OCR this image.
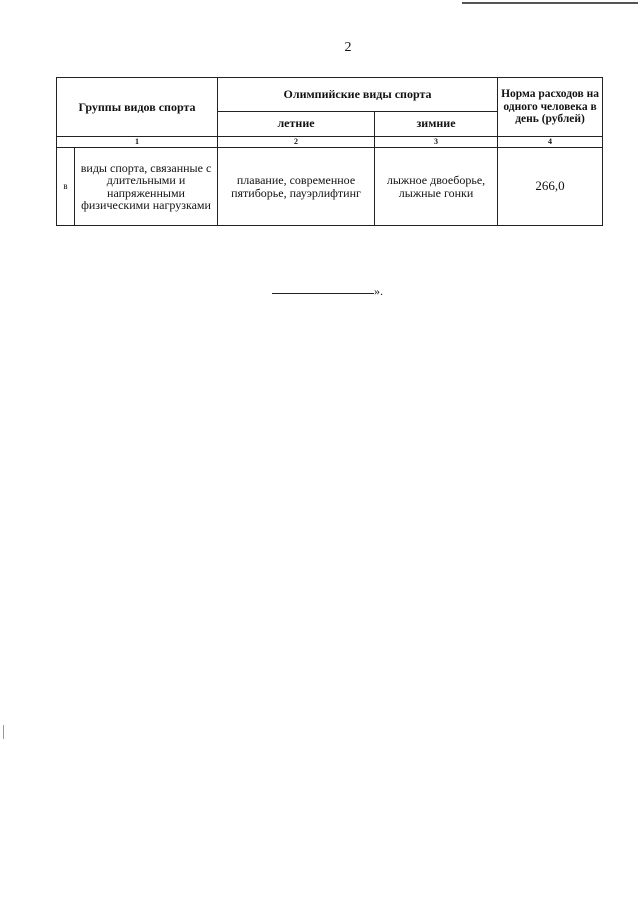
2
Группы видов спорта		Олимпийские виды спорта		Норма расходов на одного человека в день (рублей)
		летние	зимние	
1		2	3	4
в	виды спорта, связанные с длительными и напряженными физическими нагрузками	плавание, современное пятиборье, пауэрлифтинг	лыжное двоеборье, лыжные гонки	266,0
».
